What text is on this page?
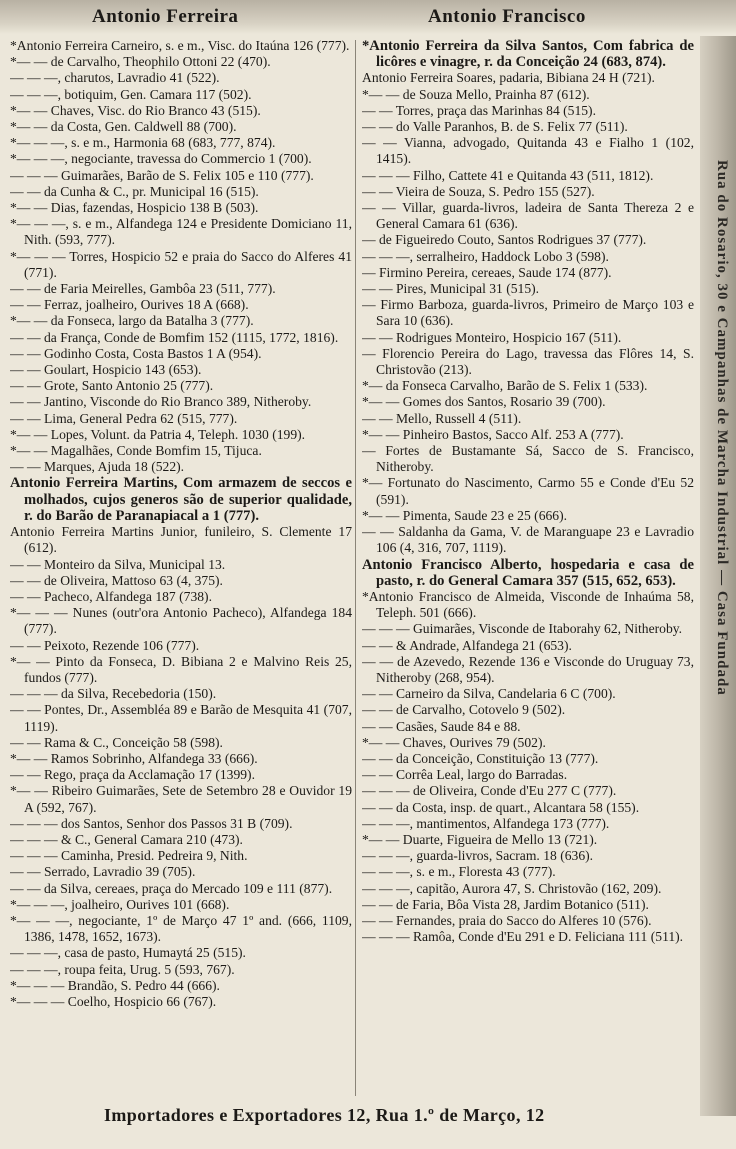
Antonio Ferreira	Antonio Francisco

*Antonio Ferreira Carneiro, s. e m., Visc. do Itaúna 126 (777).

*— — de Carvalho, Theophilo Ottoni 22 (470).

— — —, charutos, Lavradio 41 (522).

— — —, botiquim, Gen. Camara 117 (502).

*— — Chaves, Visc. do Rio Branco 43 (515).

*— — da Costa, Gen. Caldwell 88 (700).

*— — —, s. e m., Harmonia 68 (683, 777, 874).

*— — —, negociante, travessa do Commercio 1 (700).

— — — Guimarães, Barão de S. Felix 105 e 110 (777).

— — da Cunha & C., pr. Municipal 16 (515).

*— — Dias, fazendas, Hospicio 138 B (503).

*— — —, s. e m., Alfandega 124 e Presidente Domiciano 11, Nith. (593, 777).

*— — — Torres, Hospicio 52 e praia do Sacco do Alferes 41 (771).

— — de Faria Meirelles, Gambôa 23 (511, 777).

— — Ferraz, joalheiro, Ourives 18 A (668).

*— — da Fonseca, largo da Batalha 3 (777).

— — da França, Conde de Bomfim 152 (1115, 1772, 1816).

— — Godinho Costa, Costa Bastos 1 A (954).

— — Goulart, Hospicio 143 (653).

— — Grote, Santo Antonio 25 (777).

— — Jantino, Visconde do Rio Branco 389, Nitheroby.

— — Lima, General Pedra 62 (515, 777).

*— — Lopes, Volunt. da Patria 4, Teleph. 1030 (199).

*— — Magalhães, Conde Bomfim 15, Tijuca.

— — Marques, Ajuda 18 (522).

Antonio Ferreira Martins, Com armazem de seccos e molhados, cujos generos são de superior qualidade, r. do Barão de Paranapiacal a 1 (777).

Antonio Ferreira Martins Junior, funileiro, S. Clemente 17 (612).

— — Monteiro da Silva, Municipal 13.

— — de Oliveira, Mattoso 63 (4, 375).

— — Pacheco, Alfandega 187 (738).

*— — — Nunes (outr'ora Antonio Pacheco), Alfandega 184 (777).

— — Peixoto, Rezende 106 (777).

*— — Pinto da Fonseca, D. Bibiana 2 e Malvino Reis 25, fundos (777).

— — — da Silva, Recebedoria (150).

— — Pontes, Dr., Assembléa 89 e Barão de Mesquita 41 (707, 1119).

— — Rama & C., Conceição 58 (598).

*— — Ramos Sobrinho, Alfandega 33 (666).

— — Rego, praça da Acclamação 17 (1399).

*— — Ribeiro Guimarães, Sete de Setembro 28 e Ouvidor 19 A (592, 767).

— — — dos Santos, Senhor dos Passos 31 B (709).

— — — & C., General Camara 210 (473).

— — — Caminha, Presid. Pedreira 9, Nith.

— — Serrado, Lavradio 39 (705).

— — da Silva, cereaes, praça do Mercado 109 e 111 (877).

*— — —, joalheiro, Ourives 101 (668).

*— — —, negociante, 1º de Março 47 1º and. (666, 1109, 1386, 1478, 1652, 1673).

— — —, casa de pasto, Humaytá 25 (515).

— — —, roupa feita, Urug. 5 (593, 767).

*— — — Brandão, S. Pedro 44 (666).

*— — — Coelho, Hospicio 66 (767).

*Antonio Ferreira da Silva Santos, Com fabrica de licôres e vinagre, r. da Conceição 24 (683, 874).

Antonio Ferreira Soares, padaria, Bibiana 24 H (721).

*— — de Souza Mello, Prainha 87 (612).

— — Torres, praça das Marinhas 84 (515).

— — do Valle Paranhos, B. de S. Felix 77 (511).

— — Vianna, advogado, Quitanda 43 e Fialho 1 (102, 1415).

— — — Filho, Cattete 41 e Quitanda 43 (511, 1812).

— — Vieira de Souza, S. Pedro 155 (527).

— — Villar, guarda-livros, ladeira de Santa Thereza 2 e General Camara 61 (636).

— de Figueiredo Couto, Santos Rodrigues 37 (777).

— — —, serralheiro, Haddock Lobo 3 (598).

— Firmino Pereira, cereaes, Saude 174 (877).

— — Pires, Municipal 31 (515).

— Firmo Barboza, guarda-livros, Primeiro de Março 103 e Sara 10 (636).

— — Rodrigues Monteiro, Hospicio 167 (511).

— Florencio Pereira do Lago, travessa das Flôres 14, S. Christovão (213).

*— da Fonseca Carvalho, Barão de S. Felix 1 (533).

*— — Gomes dos Santos, Rosario 39 (700).

— — Mello, Russell 4 (511).

*— — Pinheiro Bastos, Sacco Alf. 253 A (777).

— Fortes de Bustamante Sá, Sacco de S. Francisco, Nitheroby.

*— Fortunato do Nascimento, Carmo 55 e Conde d'Eu 52 (591).

*— — Pimenta, Saude 23 e 25 (666).

— — Saldanha da Gama, V. de Maranguape 23 e Lavradio 106 (4, 316, 707, 1119).

Antonio Francisco Alberto, hospedaria e casa de pasto, r. do General Camara 357 (515, 652, 653).

*Antonio Francisco de Almeida, Visconde de Inhaúma 58, Teleph. 501 (666).

— — — Guimarães, Visconde de Itaborahy 62, Nitheroby.

— — & Andrade, Alfandega 21 (653).

— — de Azevedo, Rezende 136 e Visconde do Uruguay 73, Nitheroby (268, 954).

— — Carneiro da Silva, Candelaria 6 C (700).

— — de Carvalho, Cotovelo 9 (502).

— — Casães, Saude 84 e 88.

*— — Chaves, Ourives 79 (502).

— — da Conceição, Constituição 13 (777).

— — Corrêa Leal, largo do Barradas.

— — — de Oliveira, Conde d'Eu 277 C (777).

— — da Costa, insp. de quart., Alcantara 58 (155).

— — —, mantimentos, Alfandega 173 (777).

*— — Duarte, Figueira de Mello 13 (721).

— — —, guarda-livros, Sacram. 18 (636).

— — —, s. e m., Floresta 43 (777).

— — —, capitão, Aurora 47, S. Christovão (162, 209).

— — de Faria, Bôa Vista 28, Jardim Botanico (511).

— — Fernandes, praia do Sacco do Alferes 10 (576).

— — — Ramôa, Conde d'Eu 291 e D. Feliciana 111 (511).

Rua do Rosario, 30 e Campanhas de Marcha Industrial — Casa Fundada
Importadores e Exportadores 12, Rua 1.º de Março, 12
